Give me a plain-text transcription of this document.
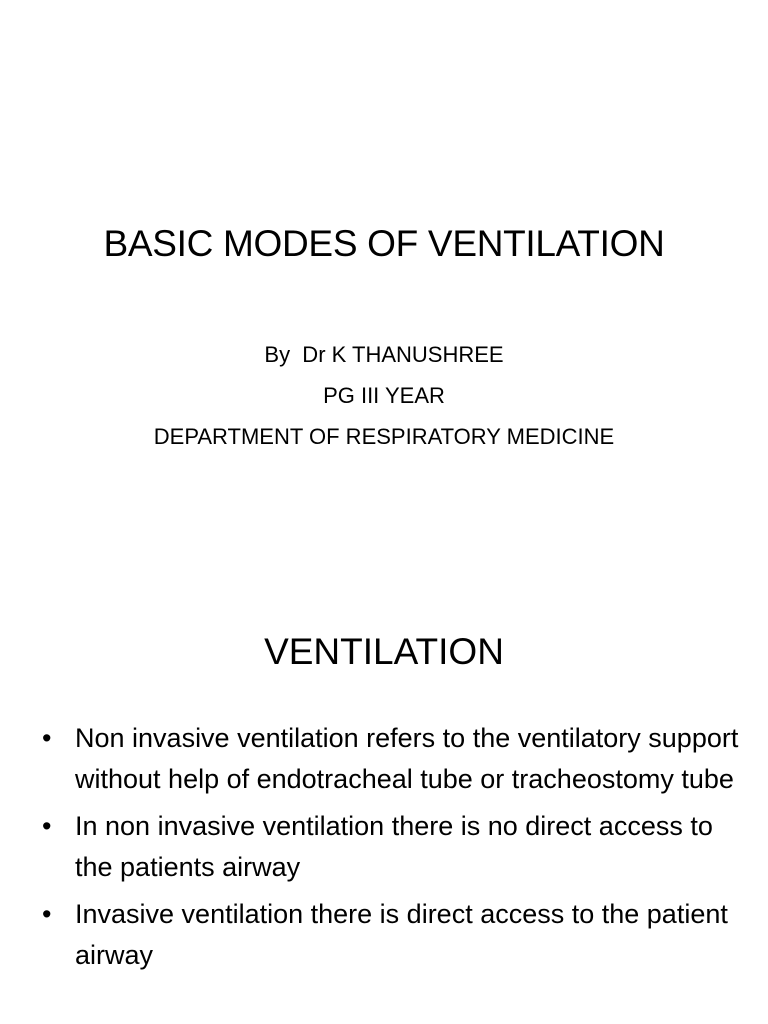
BASIC MODES OF VENTILATION
By  Dr K THANUSHREE
PG III YEAR
DEPARTMENT OF RESPIRATORY MEDICINE
VENTILATION
• Non invasive ventilation refers to the ventilatory support without help of endotracheal tube or tracheostomy tube
• In non invasive ventilation there is no direct access to the patients airway
• Invasive ventilation there is direct access to the patient airway
